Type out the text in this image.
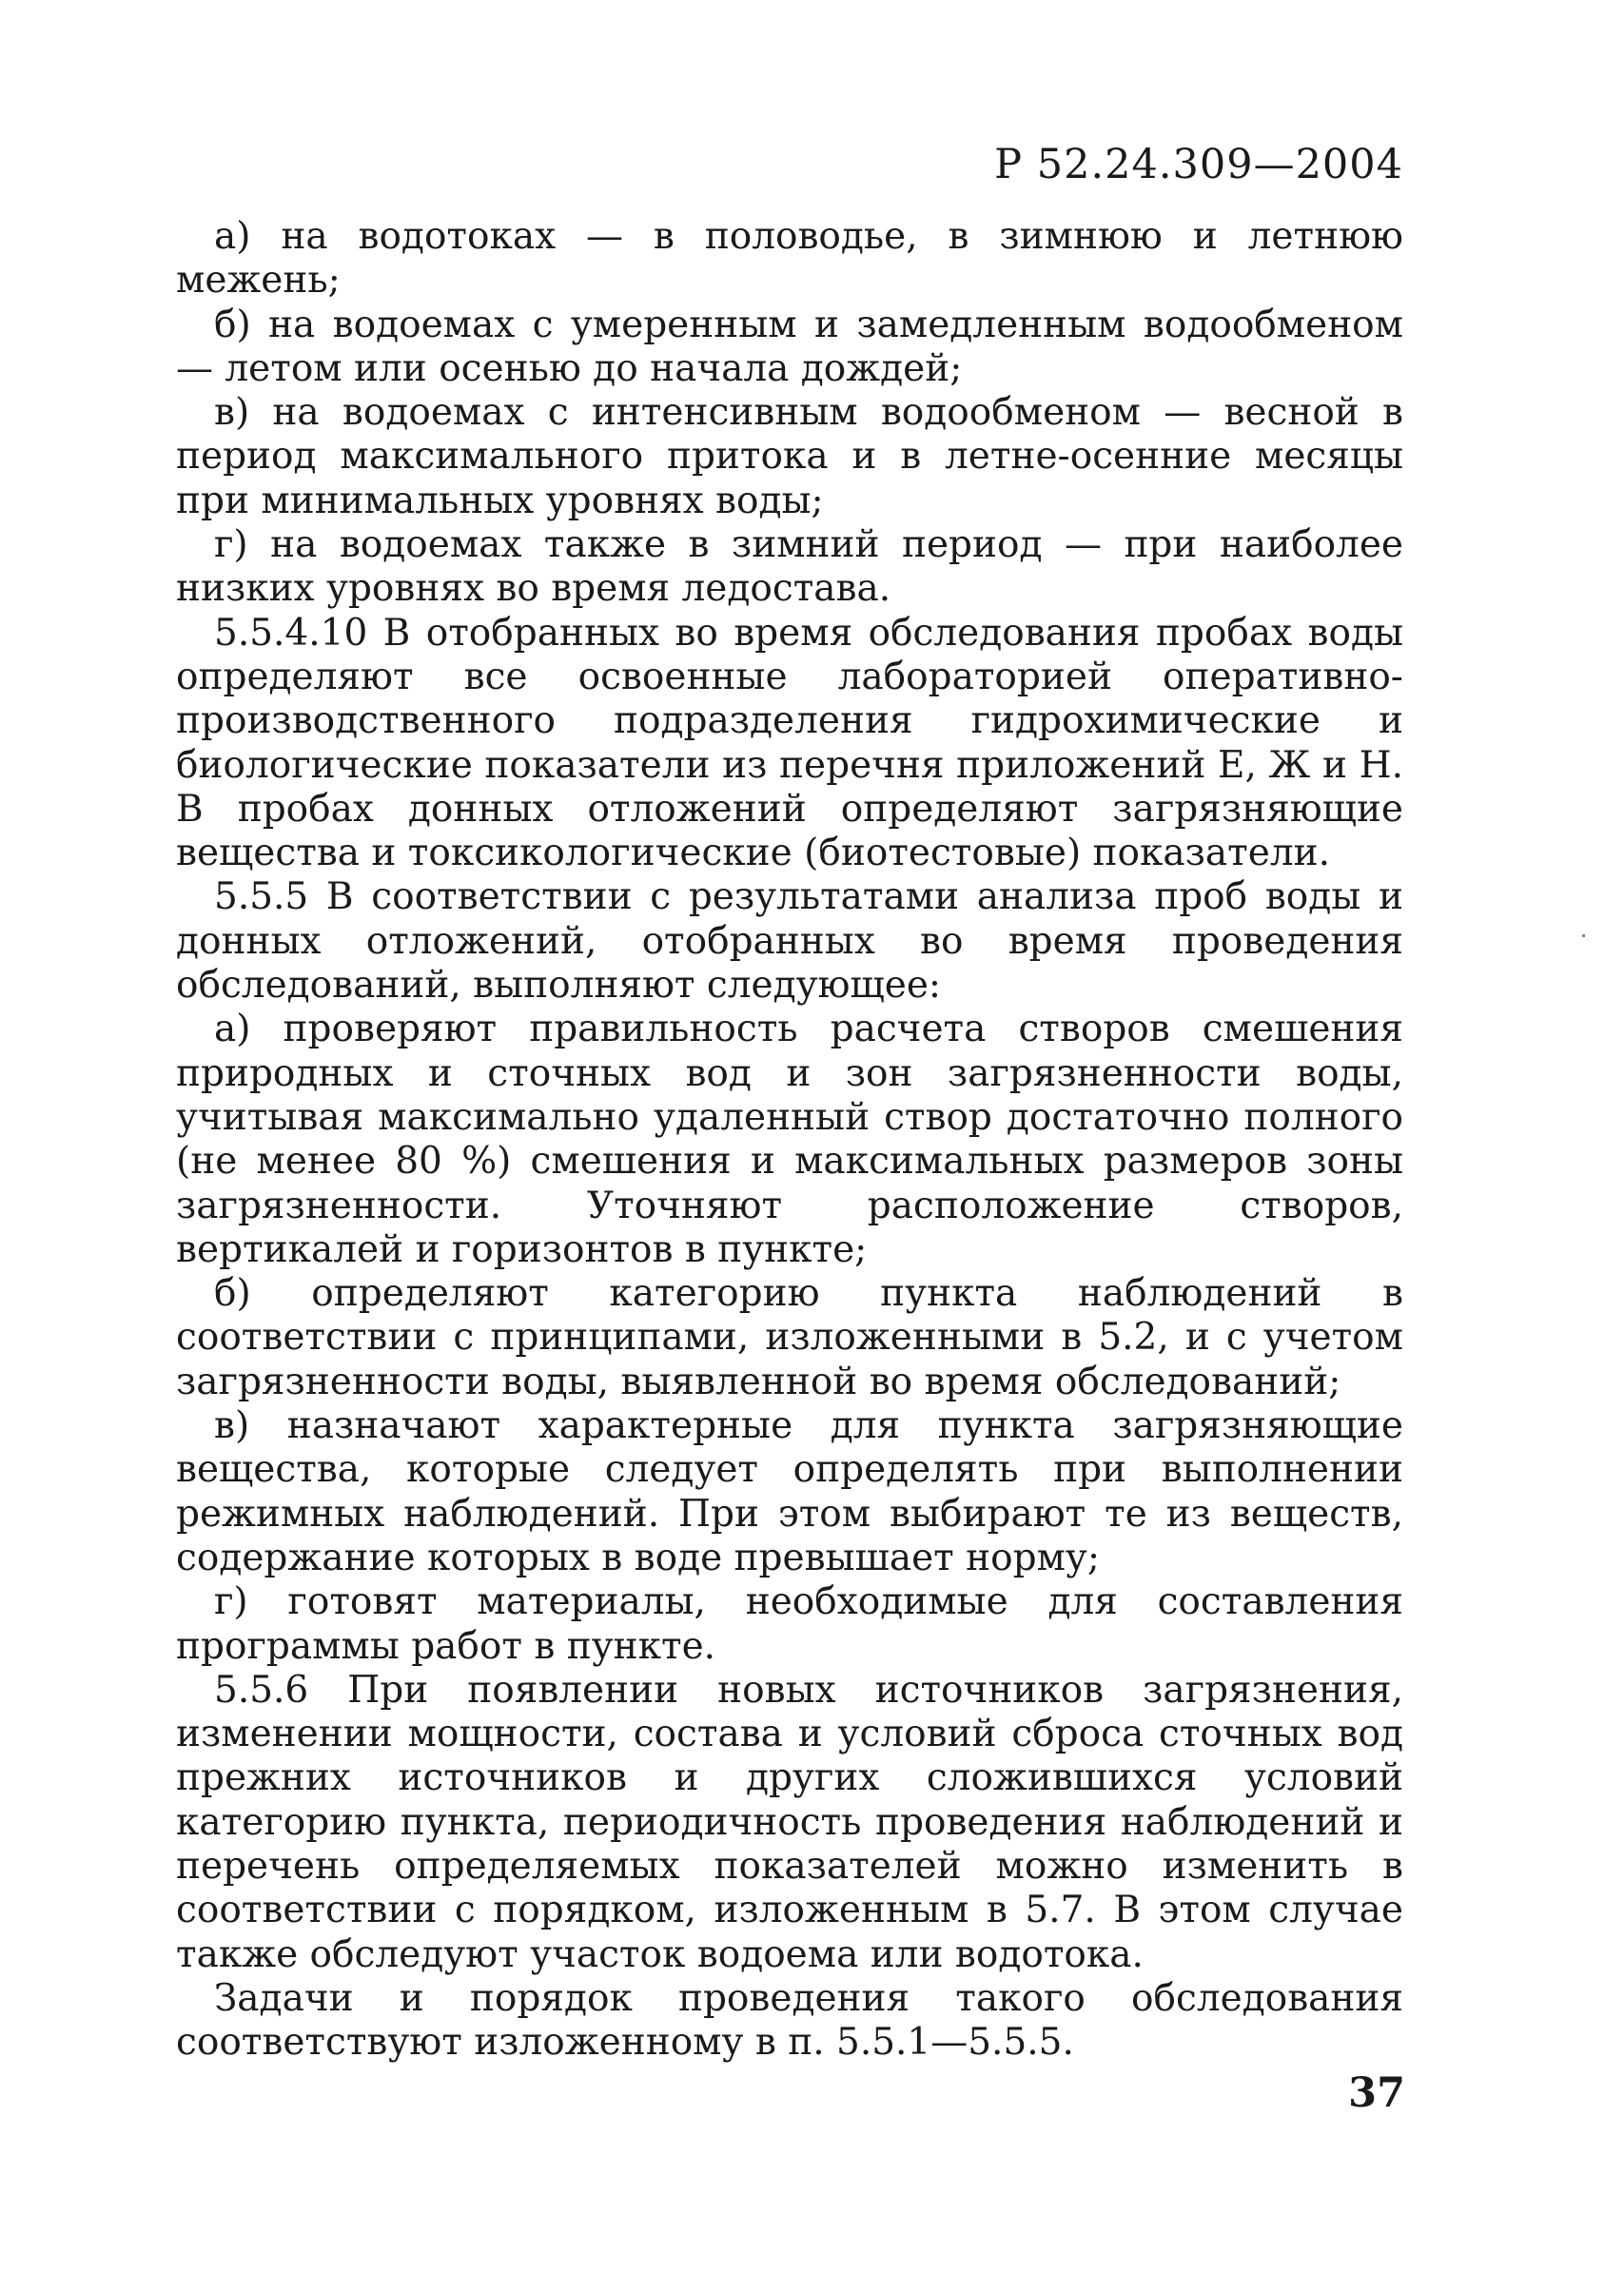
Р 52.24.309—2004

а) на водотоках — в половодье, в зимнюю и летнюю межень;

б) на водоемах с умеренным и замедленным водообменом — летом или осенью до начала дождей;

в) на водоемах с интенсивным водообменом — весной в период максимального притока и в летне-осенние месяцы при минимальных уровнях воды;

г) на водоемах также в зимний период — при наиболее низких уровнях во время ледостава.

5.5.4.10 В отобранных во время обследования пробах воды определяют все освоенные лабораторией оперативно-производственного подразделения гидрохимические и биологические показатели из перечня приложений Е, Ж и Н. В пробах донных отложений определяют загрязняющие вещества и токсикологические (биотестовые) показатели.

5.5.5 В соответствии с результатами анализа проб воды и донных отложений, отобранных во время проведения обследований, выполняют следующее:

а) проверяют правильность расчета створов смешения природных и сточных вод и зон загрязненности воды, учитывая максимально удаленный створ достаточно полного (не менее 80 %) смешения и максимальных размеров зоны загрязненности. Уточняют расположение створов, вертикалей и горизонтов в пункте;

б) определяют категорию пункта наблюдений в соответствии с принципами, изложенными в 5.2, и с учетом загрязненности воды, выявленной во время обследований;

в) назначают характерные для пункта загрязняющие вещества, которые следует определять при выполнении режимных наблюдений. При этом выбирают те из веществ, содержание которых в воде превышает норму;

г) готовят материалы, необходимые для составления программы работ в пункте.

5.5.6 При появлении новых источников загрязнения, изменении мощности, состава и условий сброса сточных вод прежних источников и других сложившихся условий категорию пункта, периодичность проведения наблюдений и перечень определяемых показателей можно изменить в соответствии с порядком, изложенным в 5.7. В этом случае также обследуют участок водоема или водотока.

Задачи и порядок проведения такого обследования соответствуют изложенному в п. 5.5.1—5.5.5.

37
